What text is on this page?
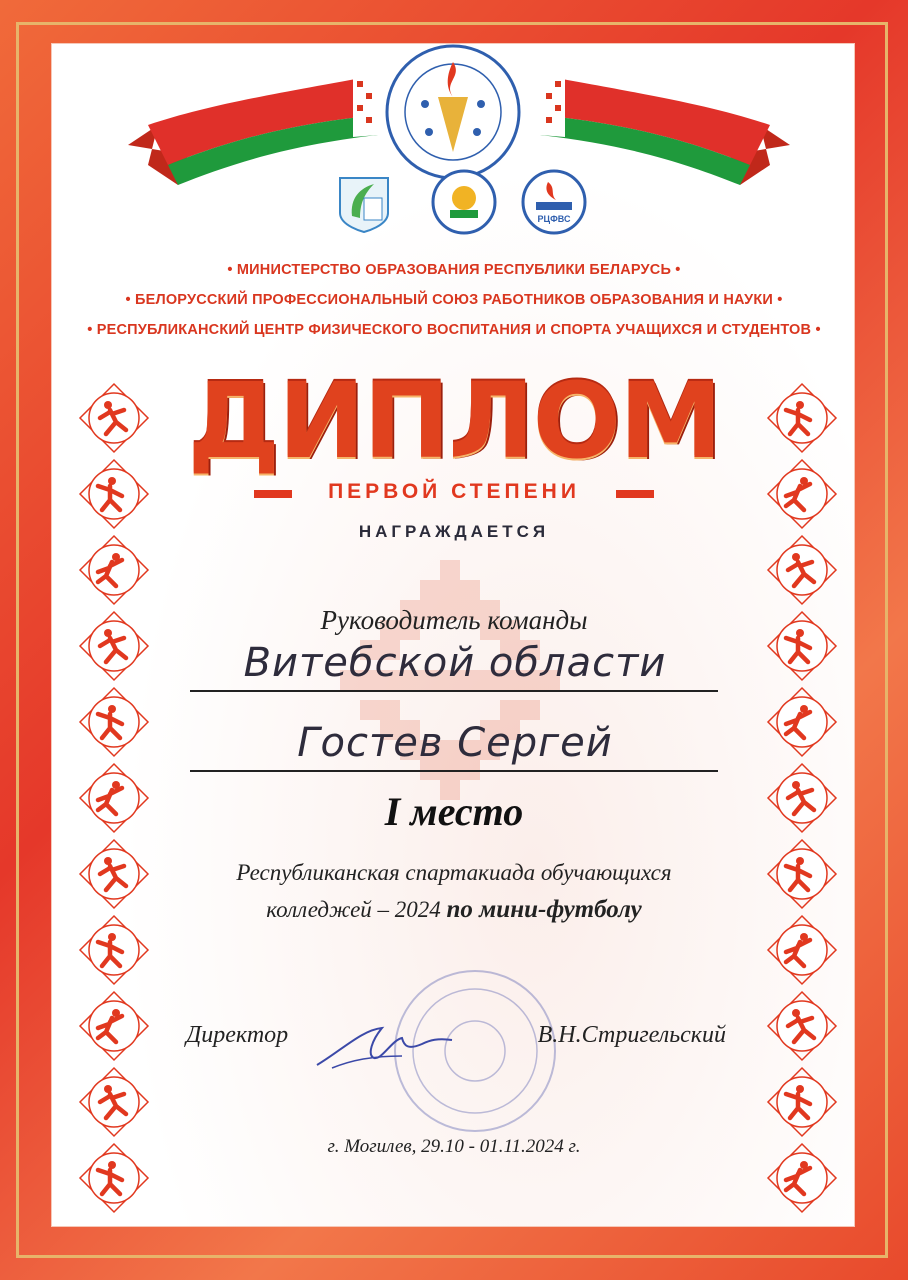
РЦФВС
• МИНИСТЕРСТВО ОБРАЗОВАНИЯ РЕСПУБЛИКИ БЕЛАРУСЬ •
• БЕЛОРУССКИЙ ПРОФЕССИОНАЛЬНЫЙ СОЮЗ РАБОТНИКОВ ОБРАЗОВАНИЯ И НАУКИ •
• РЕСПУБЛИКАНСКИЙ ЦЕНТР ФИЗИЧЕСКОГО ВОСПИТАНИЯ И СПОРТА УЧАЩИХСЯ И СТУДЕНТОВ •
ДИПЛОМ
ПЕРВОЙ СТЕПЕНИ
НАГРАЖДАЕТСЯ
Руководитель команды
Витебской области
Гостев Сергей
I место
Республиканская спартакиада обучающихся
колледжей – 2024 по мини-футболу
Директор	В.Н.Стригельский
г. Могилев, 29.10 - 01.11.2024 г.
